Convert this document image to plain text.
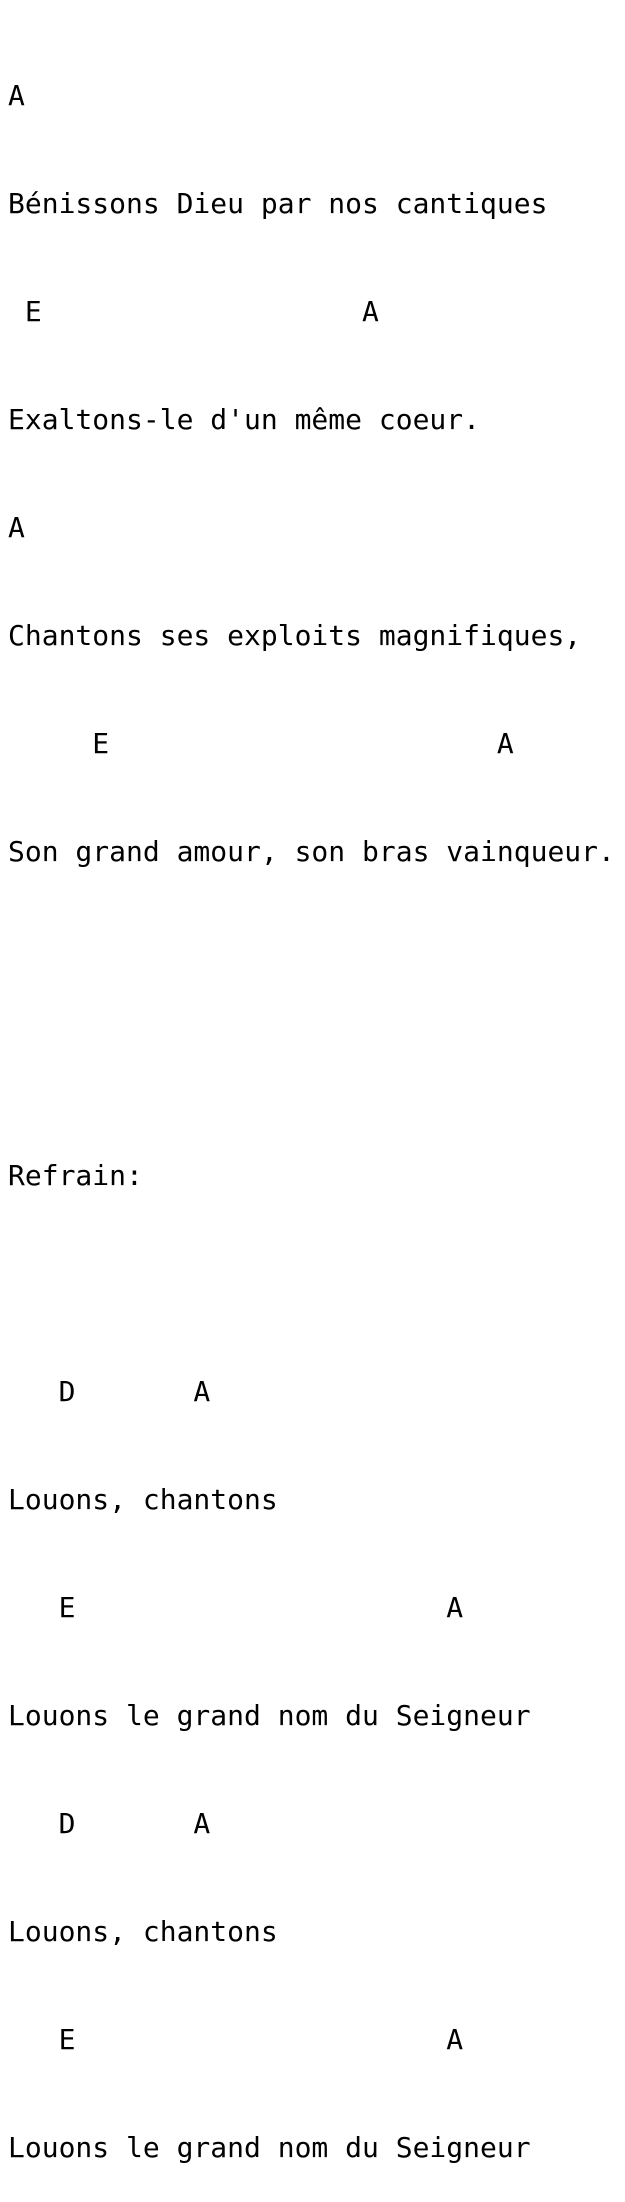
A

Bénissons Dieu par nos cantiques

E                   A

Exaltons-le d'un même coeur.

A

Chantons ses exploits magnifiques,

E                       A

Son grand amour, son bras vainqueur.

Refrain:

D       A

Louons, chantons

E                      A

Louons le grand nom du Seigneur

D       A

Louons, chantons

E                      A

Louons le grand nom du Seigneur
